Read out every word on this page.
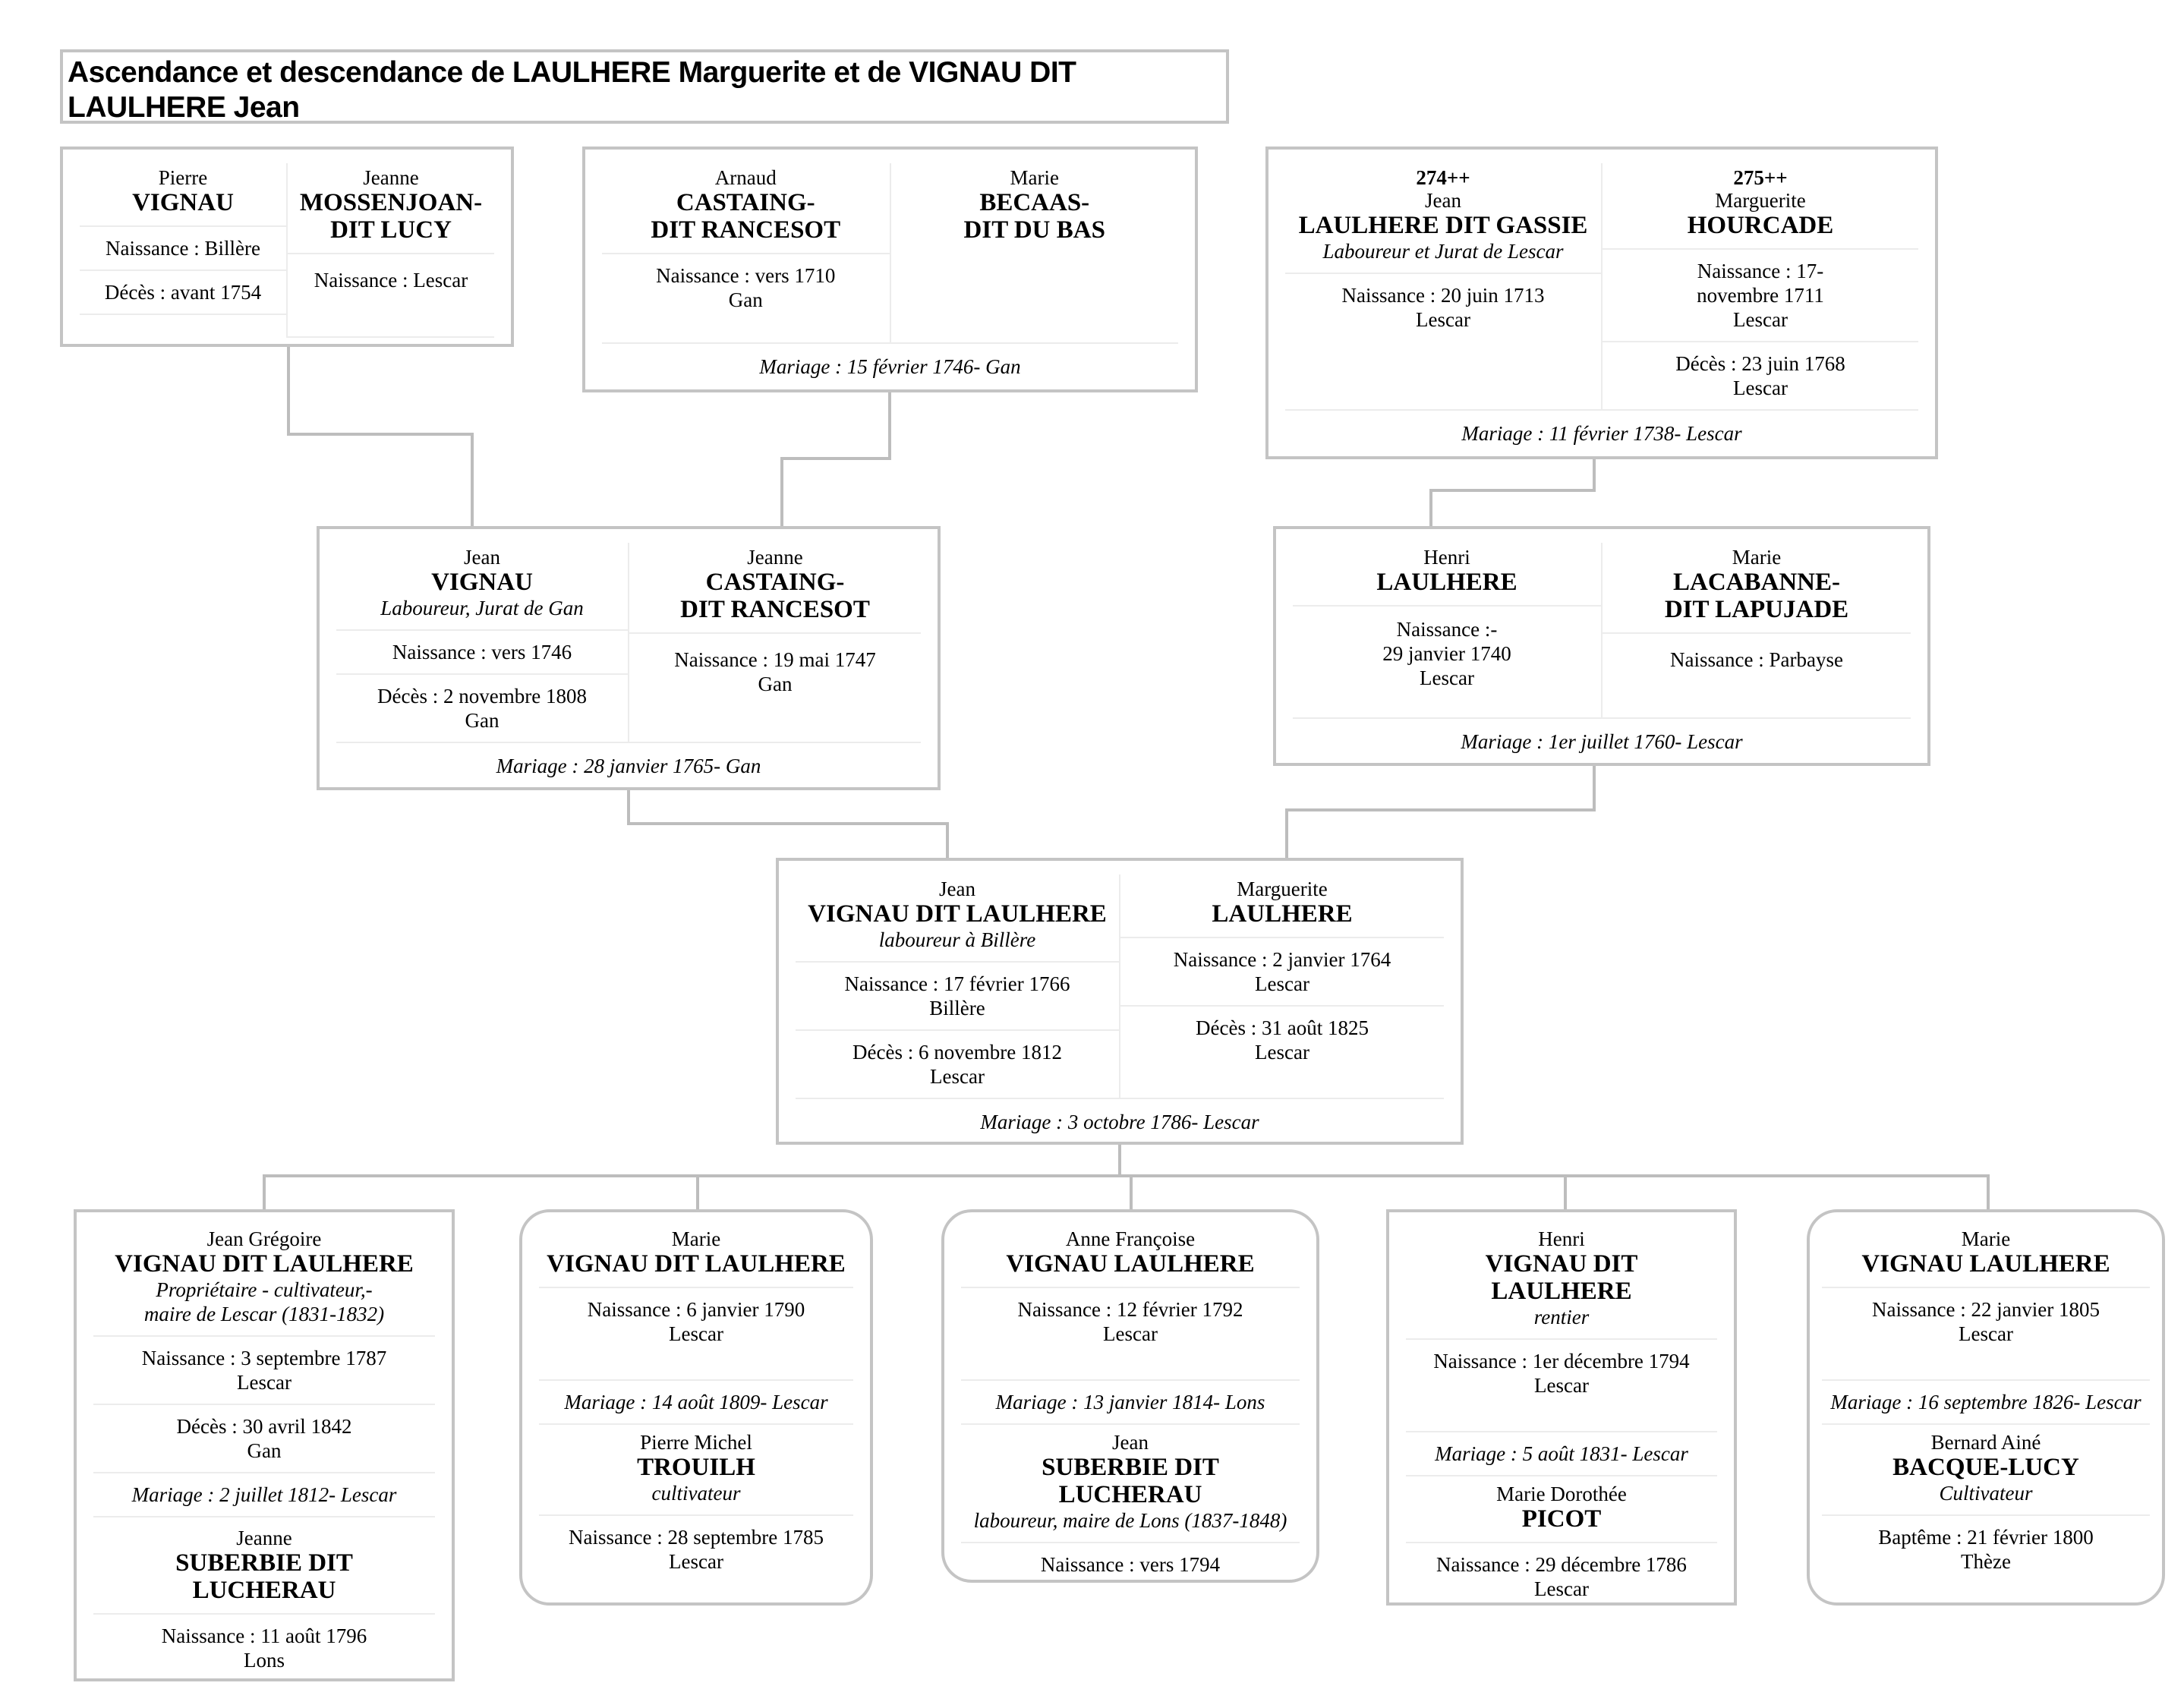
Ascendance et descendance de LAULHERE Marguerite et de VIGNAU DIT LAULHERE Jean
Pierre
VIGNAU
Naissance : Billère
Décès : avant 1754
Jeanne
MOSSENJOAN-
DIT LUCY
Naissance : Lescar
Arnaud
CASTAING-
DIT RANCESOT
Naissance : vers 1710
Gan
Marie
BECAAS-
DIT DU BAS
Mariage : 15 février 1746- Gan
274++
Jean
LAULHERE DIT GASSIE
Laboureur et Jurat de Lescar
Naissance : 20 juin 1713
Lescar
275++
Marguerite
HOURCADE
Naissance : 17-
novembre 1711
Lescar
Décès : 23 juin 1768
Lescar
Mariage : 11 février 1738- Lescar
Jean
VIGNAU
Laboureur, Jurat de Gan
Naissance : vers 1746
Décès : 2 novembre 1808
Gan
Jeanne
CASTAING-
DIT RANCESOT
Naissance : 19 mai 1747
Gan
Mariage : 28 janvier 1765- Gan
Henri
LAULHERE
Naissance :-
29 janvier 1740
Lescar
Marie
LACABANNE-
DIT LAPUJADE
Naissance : Parbayse
Mariage : 1er juillet 1760- Lescar
Jean
VIGNAU DIT LAULHERE
laboureur à Billère
Naissance : 17 février 1766
Billère
Décès : 6 novembre 1812
Lescar
Marguerite
LAULHERE
Naissance : 2 janvier 1764
Lescar
Décès : 31 août 1825
Lescar
Mariage : 3 octobre 1786- Lescar
Jean Grégoire
VIGNAU DIT LAULHERE
Propriétaire - cultivateur,-
maire de Lescar (1831-1832)
Naissance : 3 septembre 1787
Lescar
Décès : 30 avril 1842
Gan
Mariage : 2 juillet 1812- Lescar
Jeanne
SUBERBIE DIT LUCHERAU
Naissance : 11 août 1796
Lons
Marie
VIGNAU DIT LAULHERE
Naissance : 6 janvier 1790
Lescar
Mariage : 14 août 1809- Lescar
Pierre Michel
TROUILH
cultivateur
Naissance : 28 septembre 1785
Lescar
Anne Françoise
VIGNAU LAULHERE
Naissance : 12 février 1792
Lescar
Mariage : 13 janvier 1814- Lons
Jean
SUBERBIE DIT LUCHERAU
laboureur, maire de Lons (1837-1848)
Naissance : vers 1794
Henri
VIGNAU DIT LAULHERE
rentier
Naissance : 1er décembre 1794
Lescar
Mariage : 5 août 1831- Lescar
Marie Dorothée
PICOT
Naissance : 29 décembre 1786
Lescar
Marie
VIGNAU LAULHERE
Naissance : 22 janvier 1805
Lescar
Mariage : 16 septembre 1826- Lescar
Bernard Ainé
BACQUE-LUCY
Cultivateur
Baptême : 21 février 1800
Thèze
